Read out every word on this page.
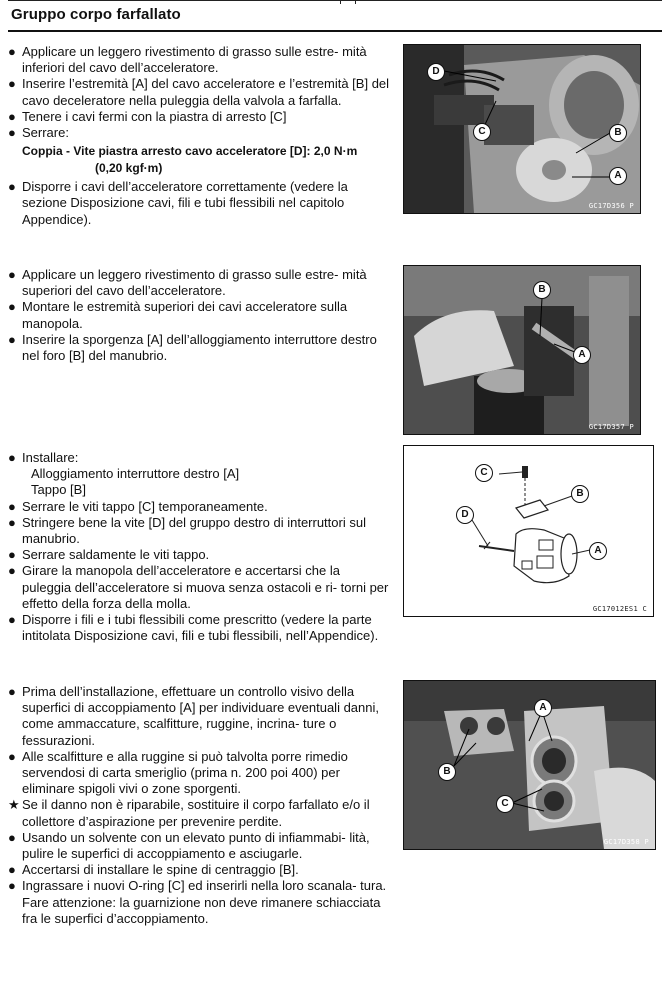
Gruppo corpo farfallato

● Applicare un leggero rivestimento di grasso sulle estre- mità inferiori del cavo dell’acceleratore.

● Inserire l’estremità [A] del cavo acceleratore e l’estremità [B] del cavo deceleratore nella puleggia della valvola a farfalla.

● Tenere i cavi fermi con la piastra di arresto [C]

● Serrare:

Coppia - Vite piastra arresto cavo acceleratore [D]: 2,0 N·m
(0,20 kgf·m)

● Disporre i cavi dell’acceleratore correttamente (vedere la sezione Disposizione cavi, fili e tubi flessibili nel capitolo Appendice).

● Applicare un leggero rivestimento di grasso sulle estre- mità superiori del cavo dell’acceleratore.

● Montare le estremità superiori dei cavi acceleratore sulla manopola.

● Inserire la sporgenza [A] dell’alloggiamento interruttore destro nel foro [B] del manubrio.

● Installare:

Alloggiamento interruttore destro [A]
Tappo [B]

● Serrare le viti tappo [C] temporaneamente.

● Stringere bene la vite [D] del gruppo destro di interruttori sul manubrio.

● Serrare saldamente le viti tappo.

● Girare la manopola dell’acceleratore e accertarsi che la puleggia dell’acceleratore si muova senza ostacoli e ri- torni per effetto della forza della molla.

● Disporre i fili e i tubi flessibili come prescritto (vedere la parte intitolata Disposizione cavi, fili e tubi flessibili, nell’Appendice).

● Prima dell’installazione, effettuare un controllo visivo della superfici di accoppiamento [A] per individuare eventuali danni, come ammaccature, scalfitture, ruggine, incrina- ture o fessurazioni.

● Alle scalfitture e alla ruggine si può talvolta porre rimedio servendosi di carta smeriglio (prima n. 200 poi 400) per eliminare spigoli vivi o zone sporgenti.

★ Se il danno non è riparabile, sostituire il corpo farfallato e/o il collettore d’aspirazione per prevenire perdite.

● Usando un solvente con un elevato punto di infiammabi- lità, pulire le superfici di accoppiamento e asciugarle.

● Accertarsi di installare le spine di centraggio [B].

● Ingrassare i nuovi O-ring [C] ed inserirli nella loro scanala- tura. Fare attenzione: la guarnizione non deve rimanere schiacciata fra le superfici d’accoppiamento.

D
C	B
A
GC17D356 P
B
A
GC17D357 P
C
B
D
A
GC17012ES1 C
A
B
C
GC17D358 P
